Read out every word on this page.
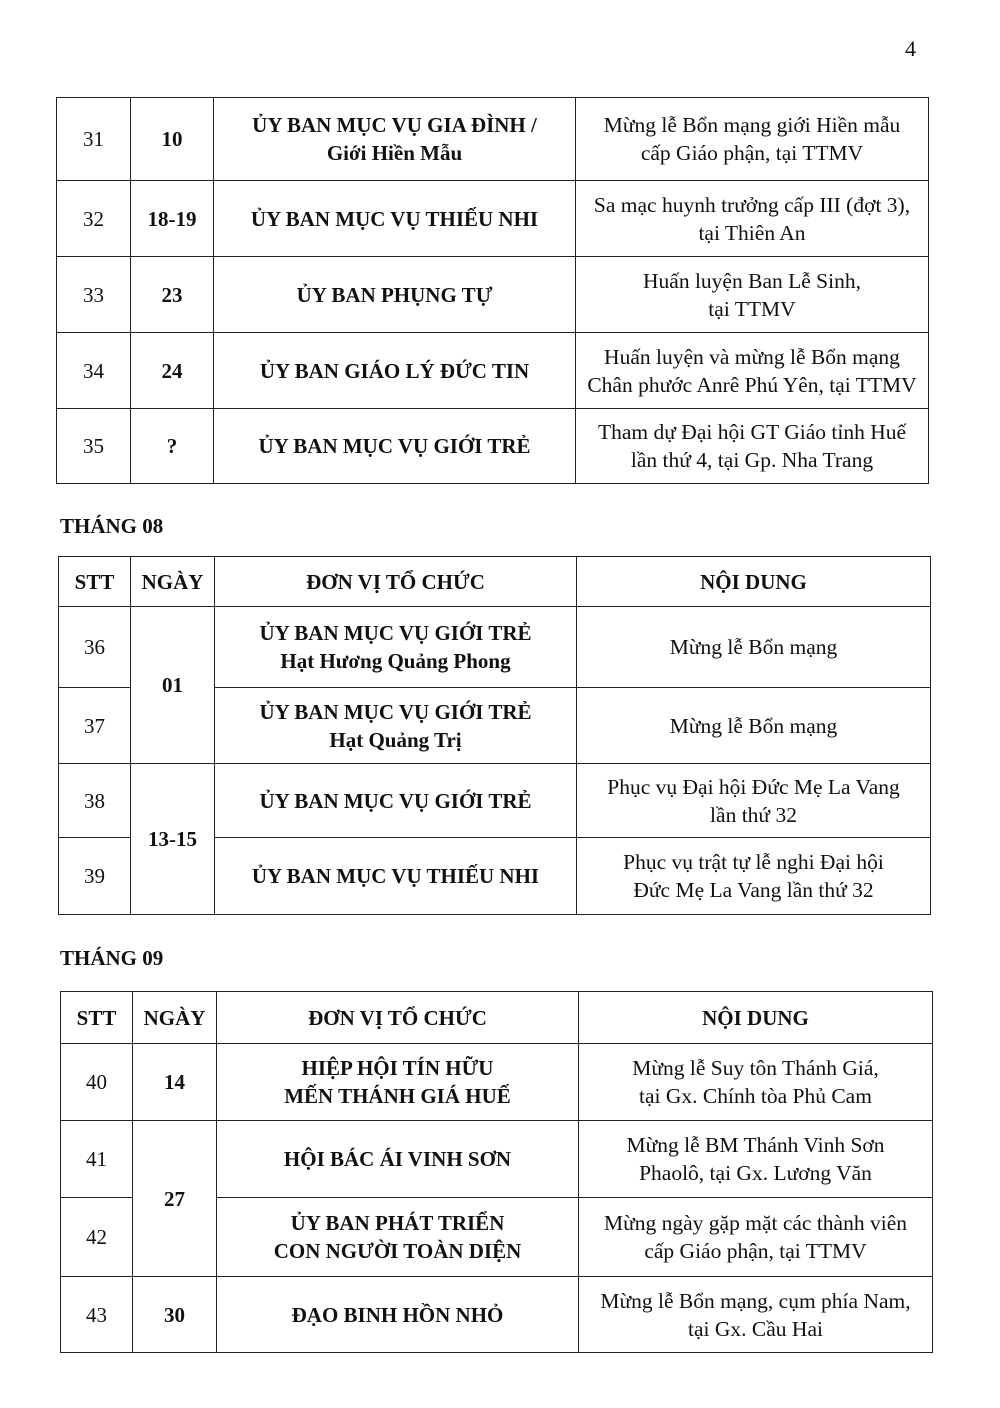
4
31	10	ỦY BAN MỤC VỤ GIA ĐÌNH /
Giới Hiền Mẫu	Mừng lễ Bổn mạng giới Hiền mẫu
cấp Giáo phận, tại TTMV
32	18-19	ỦY BAN MỤC VỤ THIẾU NHI	Sa mạc huynh trưởng cấp III (đợt 3),
tại Thiên An
33	23	ỦY BAN PHỤNG TỰ	Huấn luyện Ban Lễ Sinh,
tại TTMV
34	24	ỦY BAN GIÁO LÝ ĐỨC TIN	Huấn luyện và mừng lễ Bổn mạng
Chân phước Anrê Phú Yên, tại TTMV
35	?	ỦY BAN MỤC VỤ GIỚI TRẺ	Tham dự Đại hội GT Giáo tỉnh Huế
lần thứ 4, tại Gp. Nha Trang
THÁNG 08
STT	NGÀY	ĐƠN VỊ TỔ CHỨC	NỘI DUNG
36	01	ỦY BAN MỤC VỤ GIỚI TRẺ
Hạt Hương Quảng Phong	Mừng lễ Bổn mạng
37		ỦY BAN MỤC VỤ GIỚI TRẺ
Hạt Quảng Trị	Mừng lễ Bổn mạng
38	13-15	ỦY BAN MỤC VỤ GIỚI TRẺ	Phục vụ Đại hội Đức Mẹ La Vang
lần thứ 32
39		ỦY BAN MỤC VỤ THIẾU NHI	Phục vụ trật tự lễ nghi Đại hội
Đức Mẹ La Vang lần thứ 32
THÁNG 09
STT	NGÀY	ĐƠN VỊ TỔ CHỨC	NỘI DUNG
40	14	HIỆP HỘI TÍN HỮU
MẾN THÁNH GIÁ HUẾ	Mừng lễ Suy tôn Thánh Giá,
tại Gx. Chính tòa Phủ Cam
41	27	HỘI BÁC ÁI VINH SƠN	Mừng lễ BM Thánh Vinh Sơn
Phaolô, tại Gx. Lương Văn
42		ỦY BAN PHÁT TRIỂN
CON NGƯỜI TOÀN DIỆN	Mừng ngày gặp mặt các thành viên
cấp Giáo phận, tại TTMV
43	30	ĐẠO BINH HỒN NHỎ	Mừng lễ Bổn mạng, cụm phía Nam,
tại Gx. Cầu Hai
